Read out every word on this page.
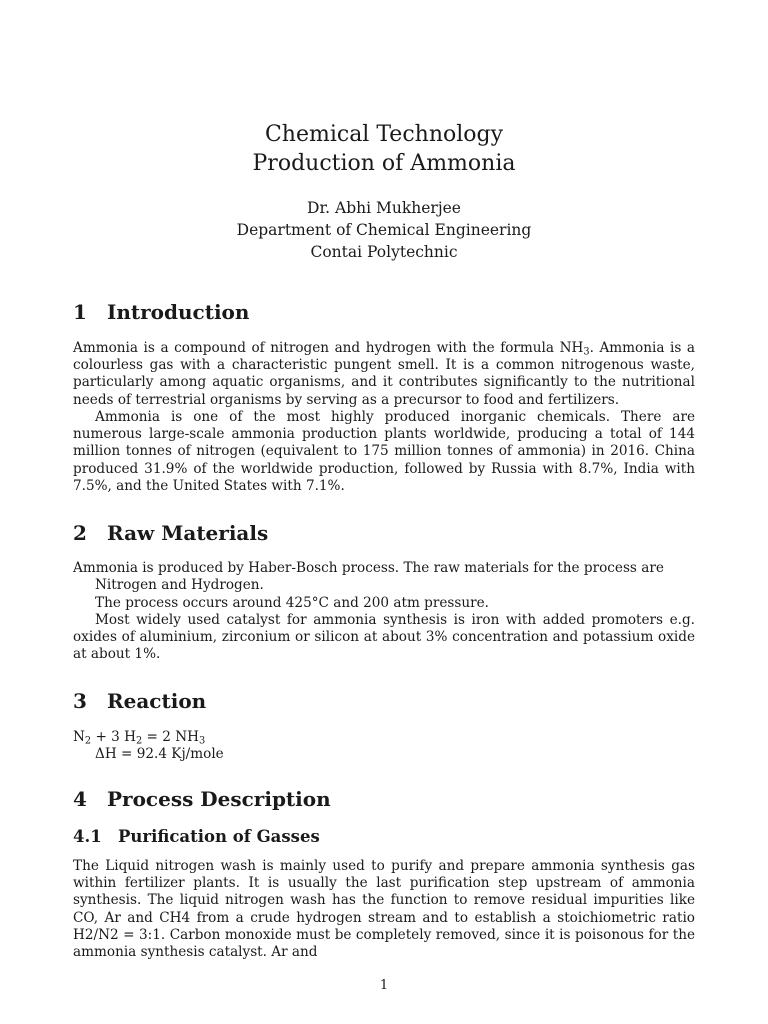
Chemical Technology

Production of Ammonia

Dr. Abhi Mukherjee

Department of Chemical Engineering

Contai Polytechnic

1 Introduction

Ammonia is a compound of nitrogen and hydrogen with the formula $NH_3$. Ammonia is a colourless gas with a characteristic pungent smell. It is a common nitrogenous waste, particularly among aquatic organisms, and it contributes significantly to the nutritional needs of terrestrial organisms by serving as a precursor to food and fertilizers.

Ammonia is one of the most highly produced inorganic chemicals. There are numerous large-scale ammonia production plants worldwide, producing a total of 144 million tonnes of nitrogen (equivalent to 175 million tonnes of ammonia) in 2016. China produced 31.9% of the worldwide production, followed by Russia with 8.7%, India with 7.5%, and the United States with 7.1%.

2 Raw Materials

Ammonia is produced by Haber-Bosch process. The raw materials for the process are

Nitrogen and Hydrogen.

The process occurs around 425°C and 200 atm pressure.

Most widely used catalyst for ammonia synthesis is iron with added promoters e.g. oxides of aluminium, zirconium or silicon at about 3% concentration and potassium oxide at about 1%.

3 Reaction

$N_2 + 3$ $H_2 = 2$ $NH_3$

ΔH = 92.4 Kj/mole

4 Process Description
4.1 Purification of Gasses

The Liquid nitrogen wash is mainly used to purify and prepare ammonia synthesis gas within fertilizer plants. It is usually the last purification step upstream of ammonia synthesis. The liquid nitrogen wash has the function to remove residual impurities like CO, Ar and CH4 from a crude hydrogen stream and to establish a stoichiometric ratio H2/N2 = 3:1. Carbon monoxide must be completely removed, since it is poisonous for the ammonia synthesis catalyst. Ar and

1
